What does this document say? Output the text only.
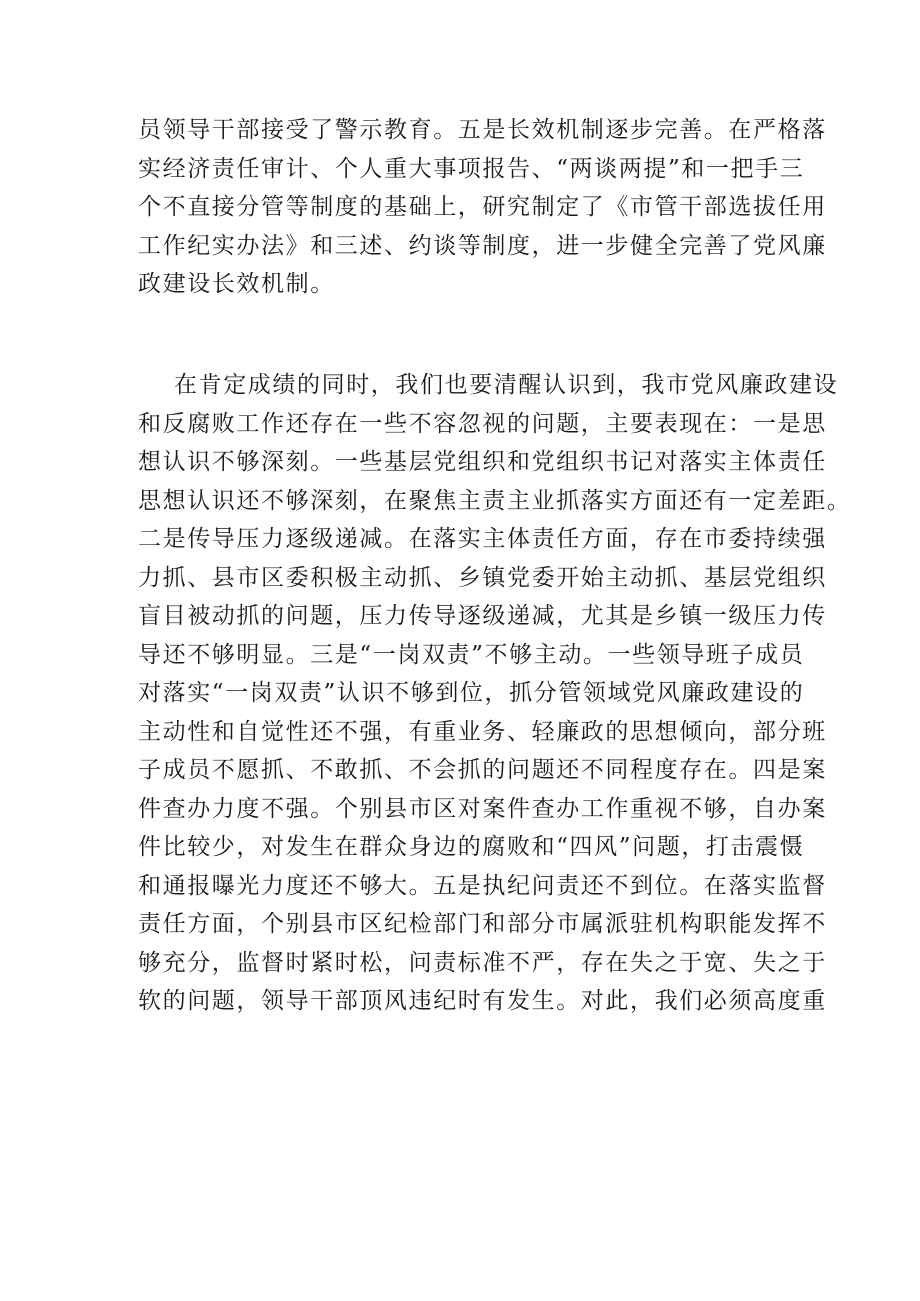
员领导干部接受了警示教育。五是长效机制逐步完善。在严格落
实经济责任审计、个人重大事项报告、“两谈两提”和一把手三
个不直接分管等制度的基础上，研究制定了《市管干部选拔任用
工作纪实办法》和三述、约谈等制度，进一步健全完善了党风廉
政建设长效机制。
在肯定成绩的同时，我们也要清醒认识到，我市党风廉政建设
和反腐败工作还存在一些不容忽视的问题，主要表现在：一是思
想认识不够深刻。一些基层党组织和党组织书记对落实主体责任
思想认识还不够深刻，在聚焦主责主业抓落实方面还有一定差距。
二是传导压力逐级递减。在落实主体责任方面，存在市委持续强
力抓、县市区委积极主动抓、乡镇党委开始主动抓、基层党组织
盲目被动抓的问题，压力传导逐级递减，尤其是乡镇一级压力传
导还不够明显。三是“一岗双责”不够主动。一些领导班子成员
对落实“一岗双责”认识不够到位，抓分管领域党风廉政建设的
主动性和自觉性还不强，有重业务、轻廉政的思想倾向，部分班
子成员不愿抓、不敢抓、不会抓的问题还不同程度存在。四是案
件查办力度不强。个别县市区对案件查办工作重视不够，自办案
件比较少，对发生在群众身边的腐败和“四风”问题，打击震慑
和通报曝光力度还不够大。五是执纪问责还不到位。在落实监督
责任方面，个别县市区纪检部门和部分市属派驻机构职能发挥不
够充分，监督时紧时松，问责标准不严，存在失之于宽、失之于
软的问题，领导干部顶风违纪时有发生。对此，我们必须高度重
